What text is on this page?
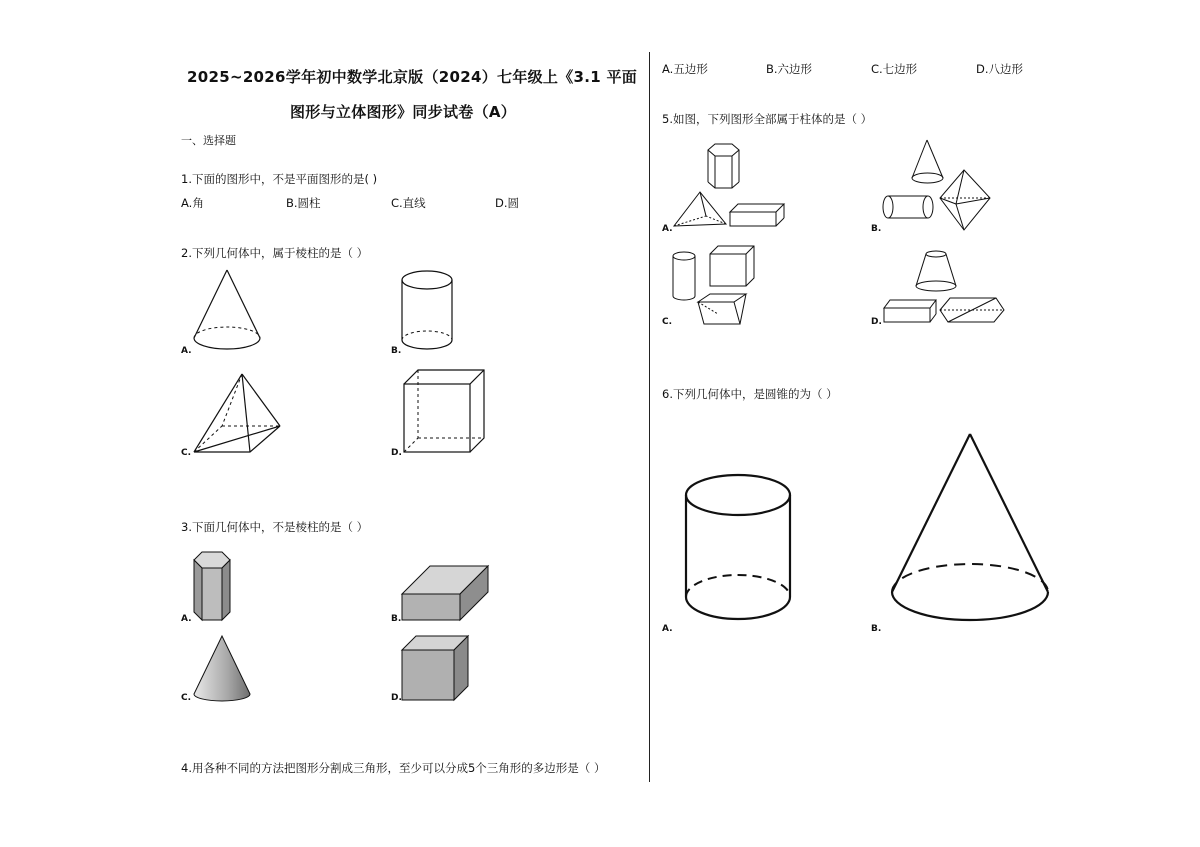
2025~2026学年初中数学北京版（2024）七年级上《3.1 平面
图形与立体图形》同步试卷（A）
一、选择题
1.下面的图形中，不是平面图形的是( )
A.角	B.圆柱	C.直线	D.圆
2.下列几何体中，属于棱柱的是（ ）
A.	B.
C.	D.
3.下面几何体中，不是棱柱的是（ ）
A.	B.
C.	D.
4.用各种不同的方法把图形分割成三角形，至少可以分成5个三角形的多边形是（ ）
A.五边形	B.六边形	C.七边形	D.八边形
5.如图，下列图形全部属于柱体的是（ ）
A.	B.
C.	D.
6.下列几何体中，是圆锥的为（ ）
A.	B.
